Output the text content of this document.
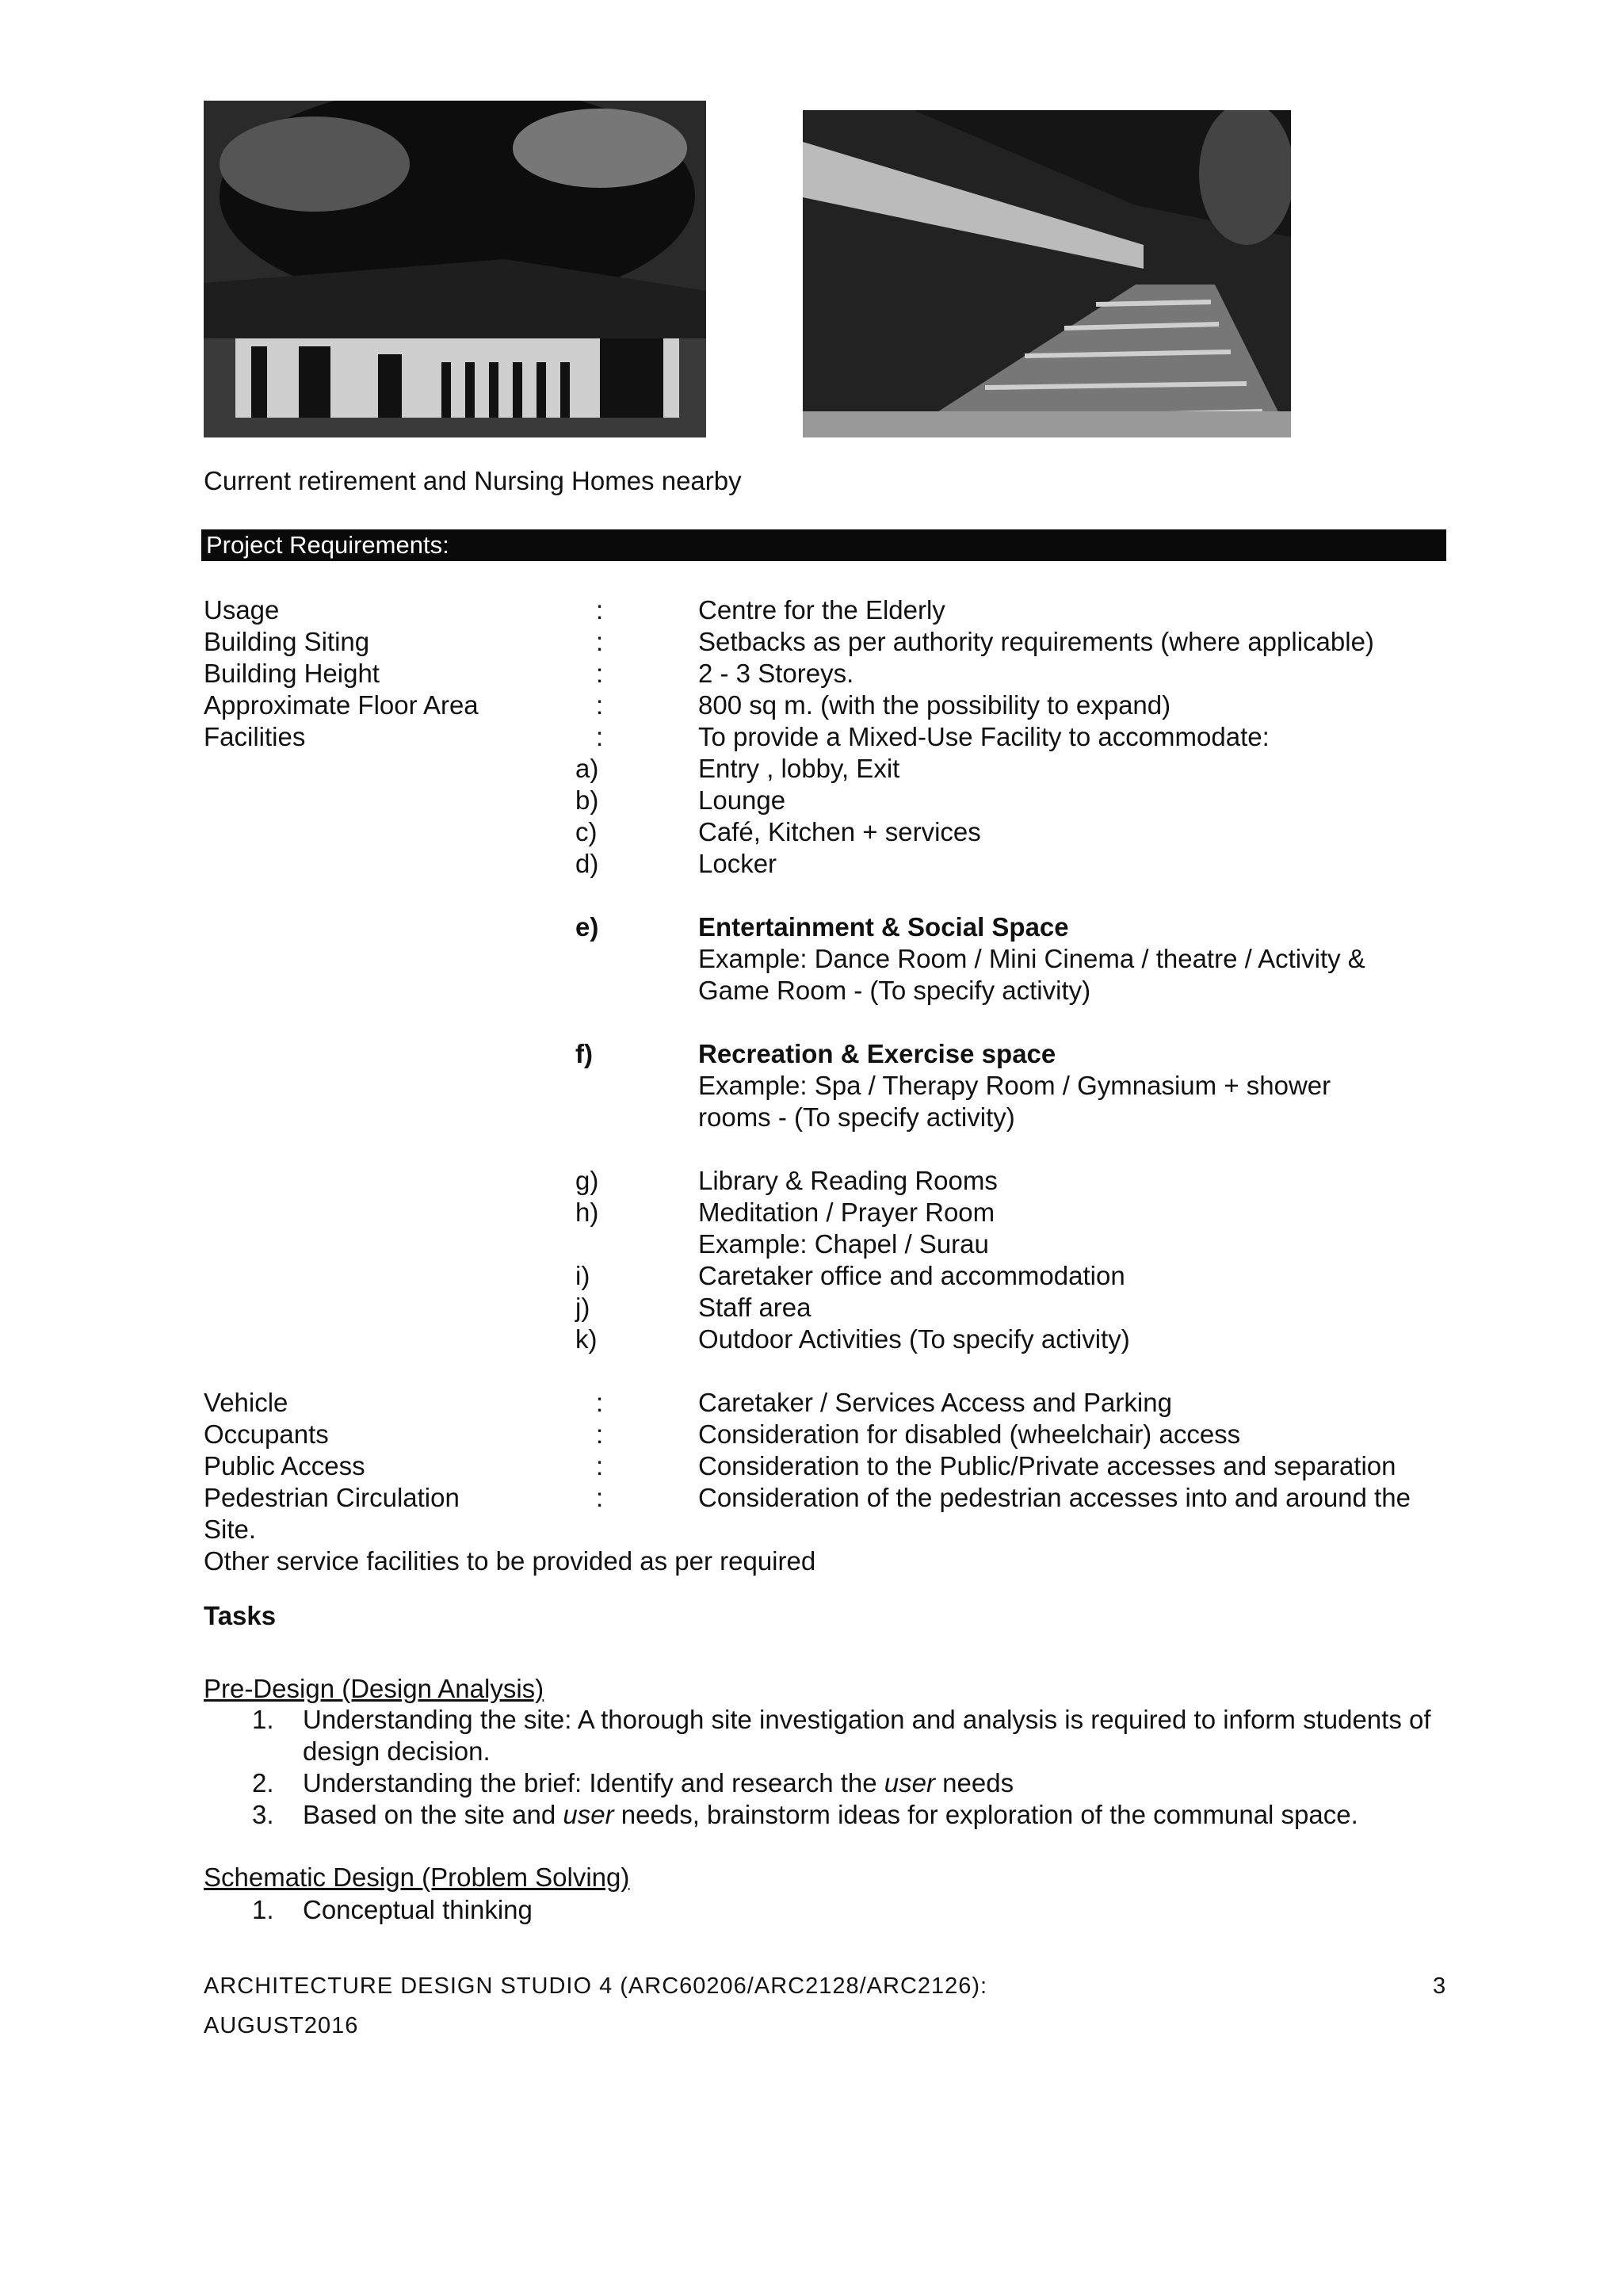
Current retirement and Nursing Homes nearby
Project Requirements:
Usage	:	Centre for the Elderly
Building Siting	:	Setbacks as per authority requirements (where applicable)
Building Height	:	2 - 3 Storeys.
Approximate Floor Area	:	800 sq m. (with the possibility to expand)
Facilities	:	To provide a Mixed-Use Facility to accommodate:
a)	Entry , lobby, Exit
b)	Lounge
c)	Café, Kitchen + services
d)	Locker
e)	Entertainment & Social Space
Example: Dance Room / Mini Cinema / theatre / Activity &
Game Room - (To specify activity)
f)	Recreation & Exercise space
Example: Spa / Therapy Room / Gymnasium + shower
rooms - (To specify activity)
g)	Library & Reading Rooms
h)	Meditation / Prayer Room
Example: Chapel / Surau
i)	Caretaker office and accommodation
j)	Staff area
k)	Outdoor Activities (To specify activity)
Vehicle	:	Caretaker / Services Access and Parking
Occupants	:	Consideration for disabled (wheelchair) access
Public Access	:	Consideration to the Public/Private accesses and separation
Pedestrian Circulation	:	Consideration of the pedestrian accesses into and around the
Site.
Other service facilities to be provided as per required
Tasks
Pre-Design (Design Analysis)
1. Understanding the site: A thorough site investigation and analysis is required to inform students of design decision.
2. Understanding the brief: Identify and research the user needs
3. Based on the site and user needs, brainstorm ideas for exploration of the communal space.
Schematic Design (Problem Solving)
1. Conceptual thinking
ARCHITECTURE DESIGN STUDIO 4 (ARC60206/ARC2128/ARC2126):	3
AUGUST2016
